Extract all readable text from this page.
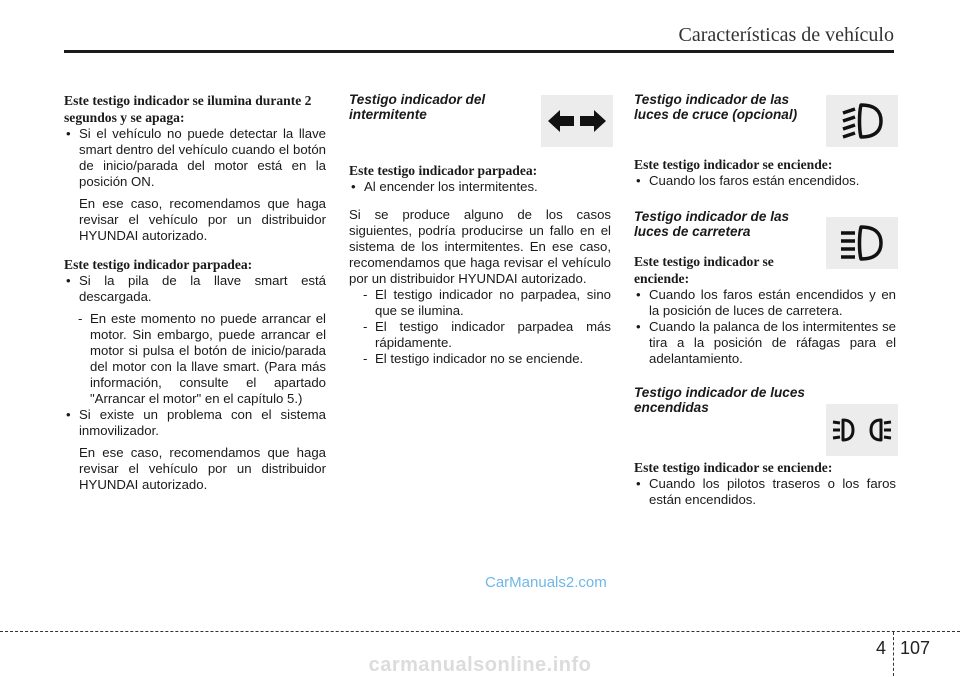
Características de vehículo
Este testigo indicador se ilumina durante 2 segundos y se apaga:
• Si el vehículo no puede detectar la llave smart dentro del vehículo cuando el botón de inicio/parada del motor está en la posición ON.
En ese caso, recomendamos que haga revisar el vehículo por un distribuidor HYUNDAI autorizado.
Este testigo indicador parpadea:
• Si la pila de la llave smart está descargada.
- En este momento no puede arrancar el motor. Sin embargo, puede arrancar el motor si pulsa el botón de inicio/parada del motor con la llave smart. (Para más información, consulte el apartado "Arrancar el motor" en el capítulo 5.)
• Si existe un problema con el sistema inmovilizador.
En ese caso, recomendamos que haga revisar el vehículo por un distribuidor HYUNDAI autorizado.
Testigo indicador del intermitente
Este testigo indicador parpadea:
• Al encender los intermitentes.
Si se produce alguno de los casos siguientes, podría producirse un fallo en el sistema de los intermitentes. En ese caso, recomendamos que haga revisar el vehículo por un distribuidor HYUNDAI autorizado.
- El testigo indicador no parpadea, sino que se ilumina.
- El testigo indicador parpadea más rápidamente.
- El testigo indicador no se enciende.
Testigo indicador de las luces de cruce (opcional)
Este testigo indicador se enciende:
• Cuando los faros están encendidos.
Testigo indicador de las luces de carretera
Este testigo indicador se enciende:
• Cuando los faros están encendidos y en la posición de luces de carretera.
• Cuando la palanca de los intermitentes se tira a la posición de ráfagas para el adelantamiento.
Testigo indicador de luces encendidas
Este testigo indicador se enciende:
• Cuando los pilotos traseros o los faros están encendidos.
CarManuals2.com
4 107
carmanualsonline.info
